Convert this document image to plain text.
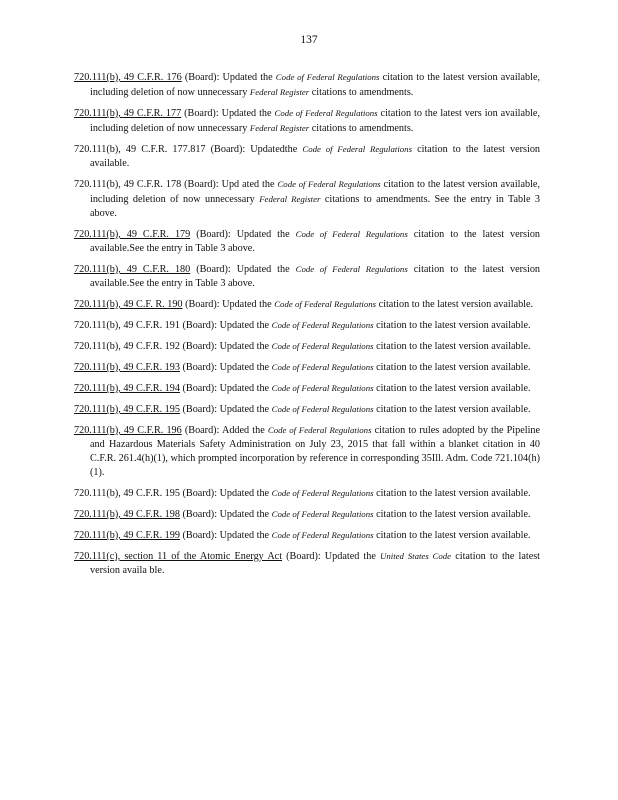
137
720.111(b), 49 C.F.R. 176 (Board): Updated the Code of Federal Regulations citation to the latest version available, including deletion of now unnecessary Federal Register citations to amendments.
720.111(b), 49 C.F.R. 177 (Board): Updated the Code of Federal Regulations citation to the latest vers ion available, including deletion of now unnecessary Federal Register citations to amendments.
720.111(b), 49 C.F.R. 177.817 (Board): Updatedthe Code of Federal Regulations citation to the latest version available.
720.111(b), 49 C.F.R. 178 (Board): Upd ated the Code of Federal Regulations citation to the latest version available, including deletion of now unnecessary Federal Register citations to amendments. See the entry in Table 3 above.
720.111(b), 49 C.F.R. 179 (Board): Updated the Code of Federal Regulations citation to the latest version available.See the entry in Table 3 above.
720.111(b), 49 C.F.R. 180 (Board): Updated the Code of Federal Regulations citation to the latest version available.See the entry in Table 3 above.
720.111(b), 49 C.F. R. 190 (Board): Updated the Code of Federal Regulations citation to the latest version available.
720.111(b), 49 C.F.R. 191 (Board): Updated the Code of Federal Regulations citation to the latest version available.
720.111(b), 49 C.F.R. 192 (Board): Updated the Code of Federal Regulations citation to the latest version available.
720.111(b), 49 C.F.R. 193 (Board): Updated the Code of Federal Regulations citation to the latest version available.
720.111(b), 49 C.F.R. 194 (Board): Updated the Code of Federal Regulations citation to the latest version available.
720.111(b), 49 C.F.R. 195 (Board): Updated the Code of Federal Regulations citation to the latest version available.
720.111(b), 49 C.F.R. 196 (Board): Added the Code of Federal Regulations citation to rules adopted by the Pipeline and Hazardous Materials Safety Administration on July 23, 2015 that fall within a blanket citation in 40 C.F.R. 261.4(h)(1), which prompted incorporation by reference in corresponding 35Ill. Adm. Code 721.104(h)(1).
720.111(b), 49 C.F.R. 195 (Board): Updated the Code of Federal Regulations citation to the latest version available.
720.111(b), 49 C.F.R. 198 (Board): Updated the Code of Federal Regulations citation to the latest version available.
720.111(b), 49 C.F.R. 199 (Board): Updated the Code of Federal Regulations citation to the latest version available.
720.111(c), section 11 of the Atomic Energy Act (Board): Updated the United States Code citation to the latest version availa ble.
